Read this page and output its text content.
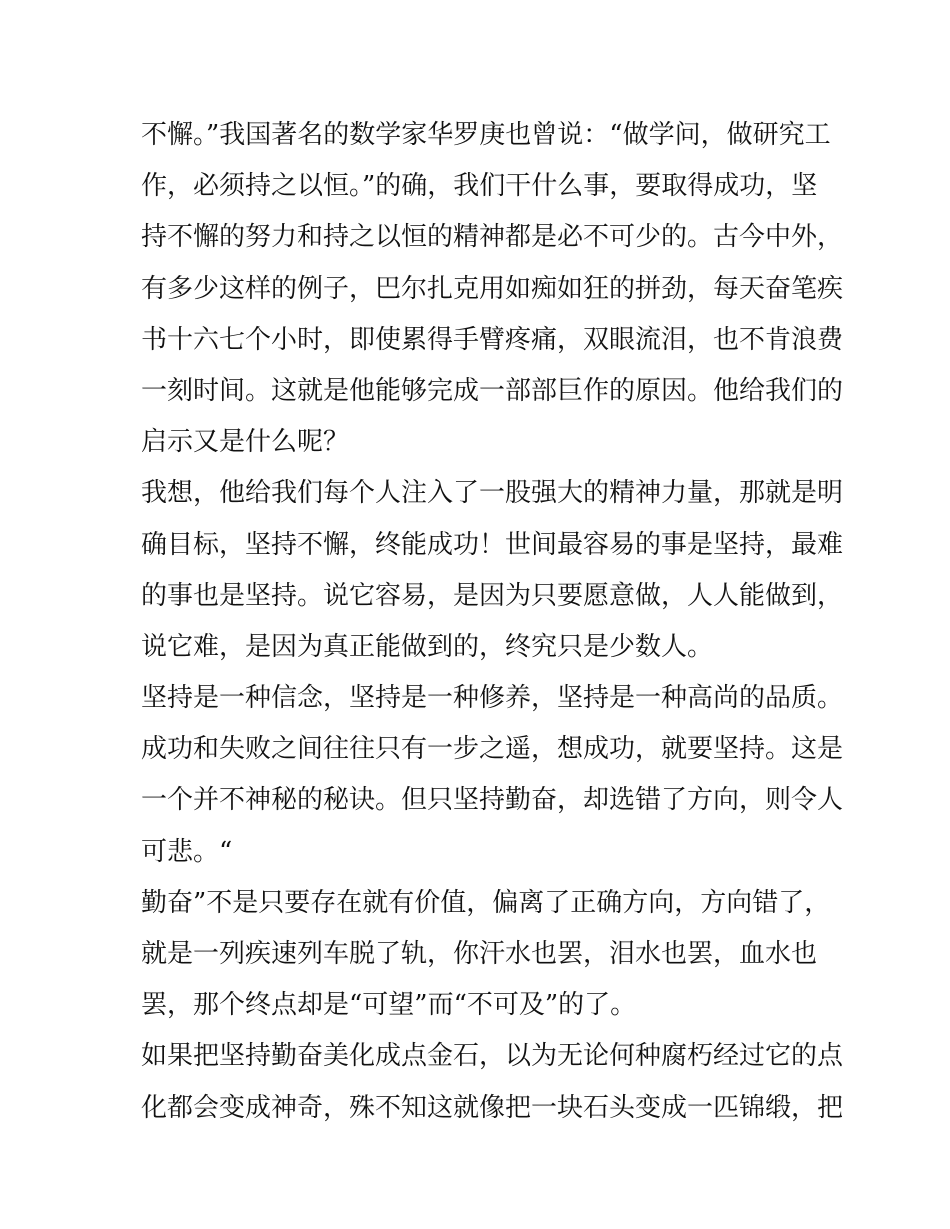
不懈。”我国著名的数学家华罗庚也曾说：“做学问，做研究工
作，必须持之以恒。”的确，我们干什么事，要取得成功，坚
持不懈的努力和持之以恒的精神都是必不可少的。古今中外，
有多少这样的例子，巴尔扎克用如痴如狂的拼劲，每天奋笔疾
书十六七个小时，即使累得手臂疼痛，双眼流泪，也不肯浪费
一刻时间。这就是他能够完成一部部巨作的原因。他给我们的
启示又是什么呢？
我想，他给我们每个人注入了一股强大的精神力量，那就是明
确目标，坚持不懈，终能成功！世间最容易的事是坚持，最难
的事也是坚持。说它容易，是因为只要愿意做，人人能做到，
说它难，是因为真正能做到的，终究只是少数人。
坚持是一种信念，坚持是一种修养，坚持是一种高尚的品质。
成功和失败之间往往只有一步之遥，想成功，就要坚持。这是
一个并不神秘的秘诀。但只坚持勤奋，却选错了方向，则令人
可悲。“
勤奋”不是只要存在就有价值，偏离了正确方向，方向错了，
就是一列疾速列车脱了轨，你汗水也罢，泪水也罢，血水也
罢，那个终点却是“可望”而“不可及”的了。
如果把坚持勤奋美化成点金石，以为无论何种腐朽经过它的点
化都会变成神奇，殊不知这就像把一块石头变成一匹锦缎，把
